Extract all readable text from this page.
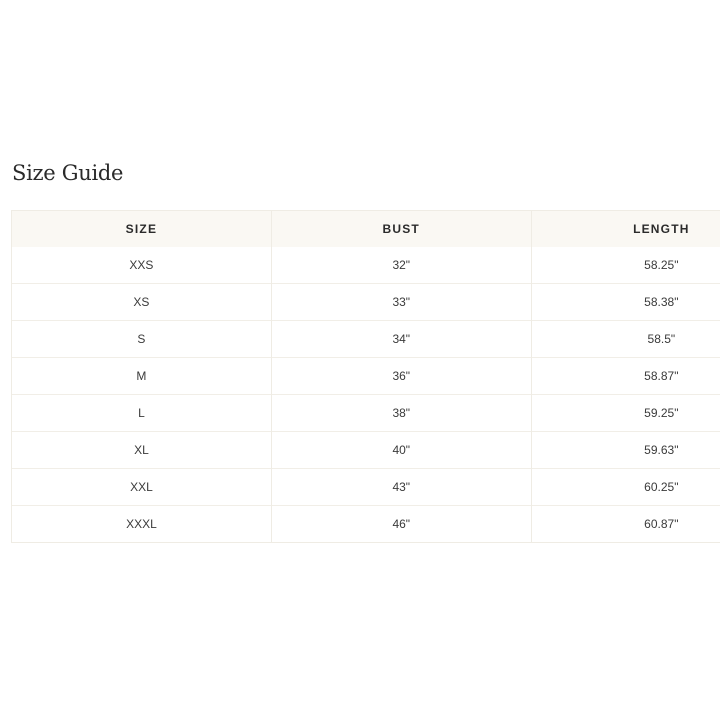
Size Guide
SIZE	BUST	LENGTH
XXS	32"	58.25"
XS	33"	58.38"
S	34"	58.5"
M	36"	58.87"
L	38"	59.25"
XL	40"	59.63"
XXL	43"	60.25"
XXXL	46"	60.87"
